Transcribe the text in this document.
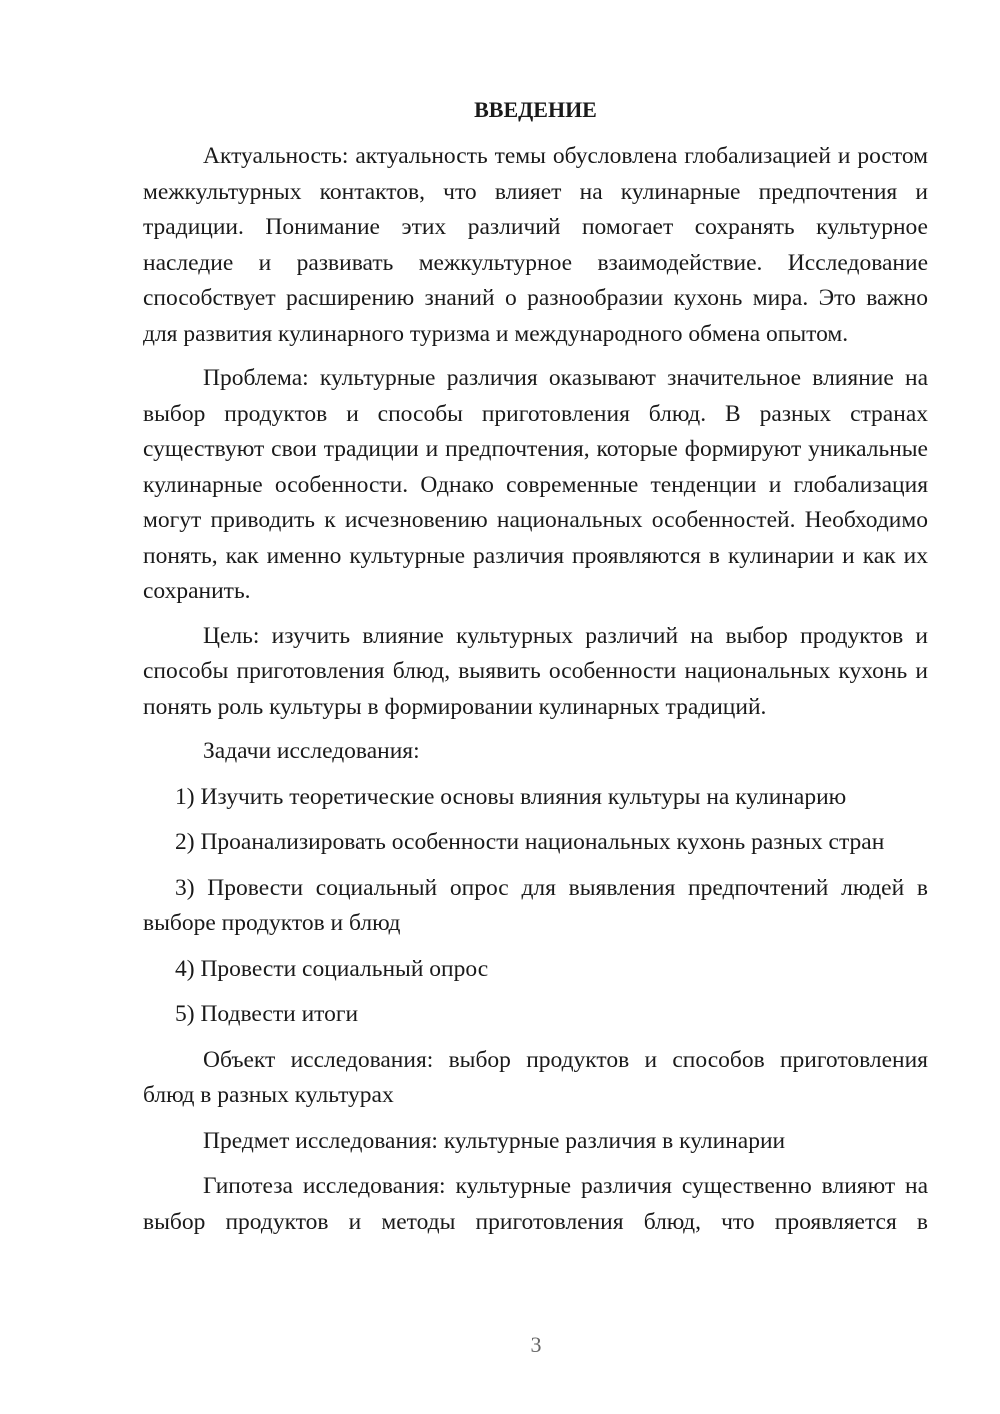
ВВЕДЕНИЕ

Актуальность: актуальность темы обусловлена глобализацией и ростом межкультурных контактов, что влияет на кулинарные предпочтения и традиции. Понимание этих различий помогает сохранять культурное наследие и развивать межкультурное взаимодействие. Исследование способствует расширению знаний о разнообразии кухонь мира. Это важно для развития кулинарного туризма и международного обмена опытом.

Проблема: культурные различия оказывают значительное влияние на выбор продуктов и способы приготовления блюд. В разных странах существуют свои традиции и предпочтения, которые формируют уникальные кулинарные особенности. Однако современные тенденции и глобализация могут приводить к исчезновению национальных особенностей. Необходимо понять, как именно культурные различия проявляются в кулинарии и как их сохранить.

Цель: изучить влияние культурных различий на выбор продуктов и способы приготовления блюд, выявить особенности национальных кухонь и понять роль культуры в формировании кулинарных традиций.

Задачи исследования:

1) Изучить теоретические основы влияния культуры на кулинарию

2) Проанализировать особенности национальных кухонь разных стран

3) Провести социальный опрос для выявления предпочтений людей в выборе продуктов и блюд

4) Провести социальный опрос

5) Подвести итоги

Объект исследования: выбор продуктов и способов приготовления блюд в разных культурах

Предмет исследования: культурные различия в кулинарии

Гипотеза исследования: культурные различия существенно влияют на выбор продуктов и методы приготовления блюд, что проявляется в

3
